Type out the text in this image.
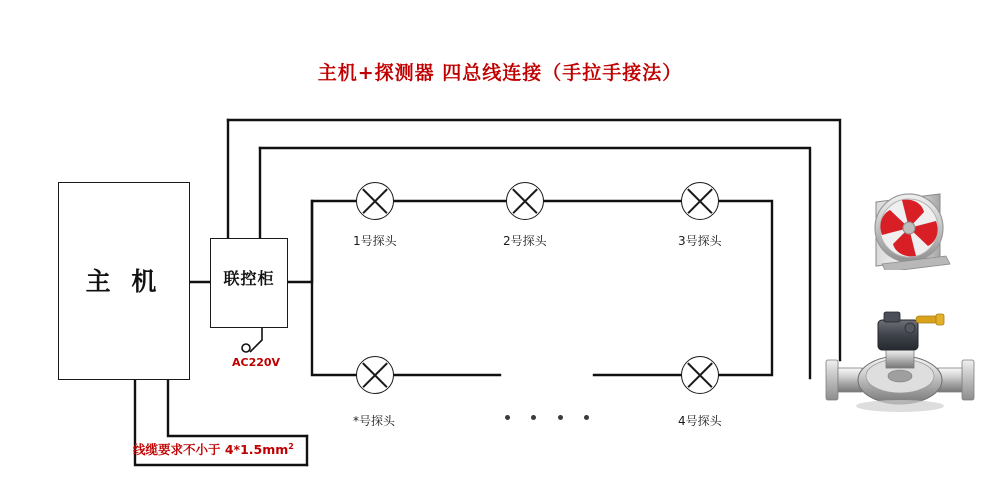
主机+探测器 四总线连接（手拉手接法）
主 机	联控柜
AC220V
线缆要求不小于 $4*1.5mm^2$
1号探头	2号探头	3号探头
*号探头	4号探头
